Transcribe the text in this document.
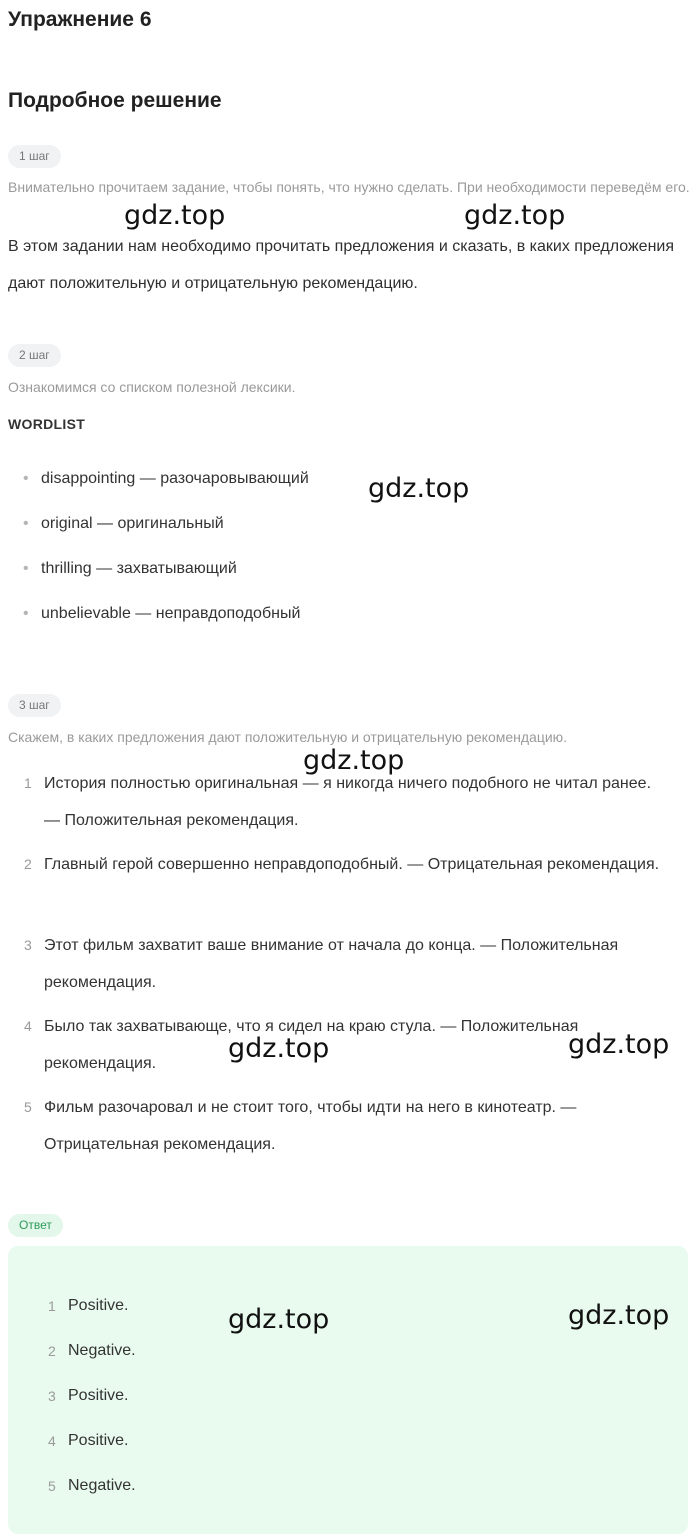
Упражнение 6
Подробное решение
1 шаг
Внимательно прочитаем задание, чтобы понять, что нужно сделать. При необходимости переведём его.
В этом задании нам необходимо прочитать предложения и сказать, в каких предложения дают положительную и отрицательную рекомендацию.
2 шаг
Ознакомимся со списком полезной лексики.
WORDLIST
• disappointing — разочаровывающий
• original — оригинальный
• thrilling — захватывающий
• unbelievable — неправдоподобный
3 шаг
Скажем, в каких предложения дают положительную и отрицательную рекомендацию.
1 История полностью оригинальная — я никогда ничего подобного не читал ранее. — Положительная рекомендация.
2 Главный герой совершенно неправдоподобный. — Отрицательная рекомендация.
3 Этот фильм захватит ваше внимание от начала до конца. — Положительная рекомендация.
4 Было так захватывающе, что я сидел на краю стула. — Положительная рекомендация.
5 Фильм разочаровал и не стоит того, чтобы идти на него в кинотеатр. — Отрицательная рекомендация.
Ответ
1 Positive.
2 Negative.
3 Positive.
4 Positive.
5 Negative.
gdz.top	gdz.top
gdz.top
gdz.top
gdz.top	gdz.top
gdz.top	gdz.top
